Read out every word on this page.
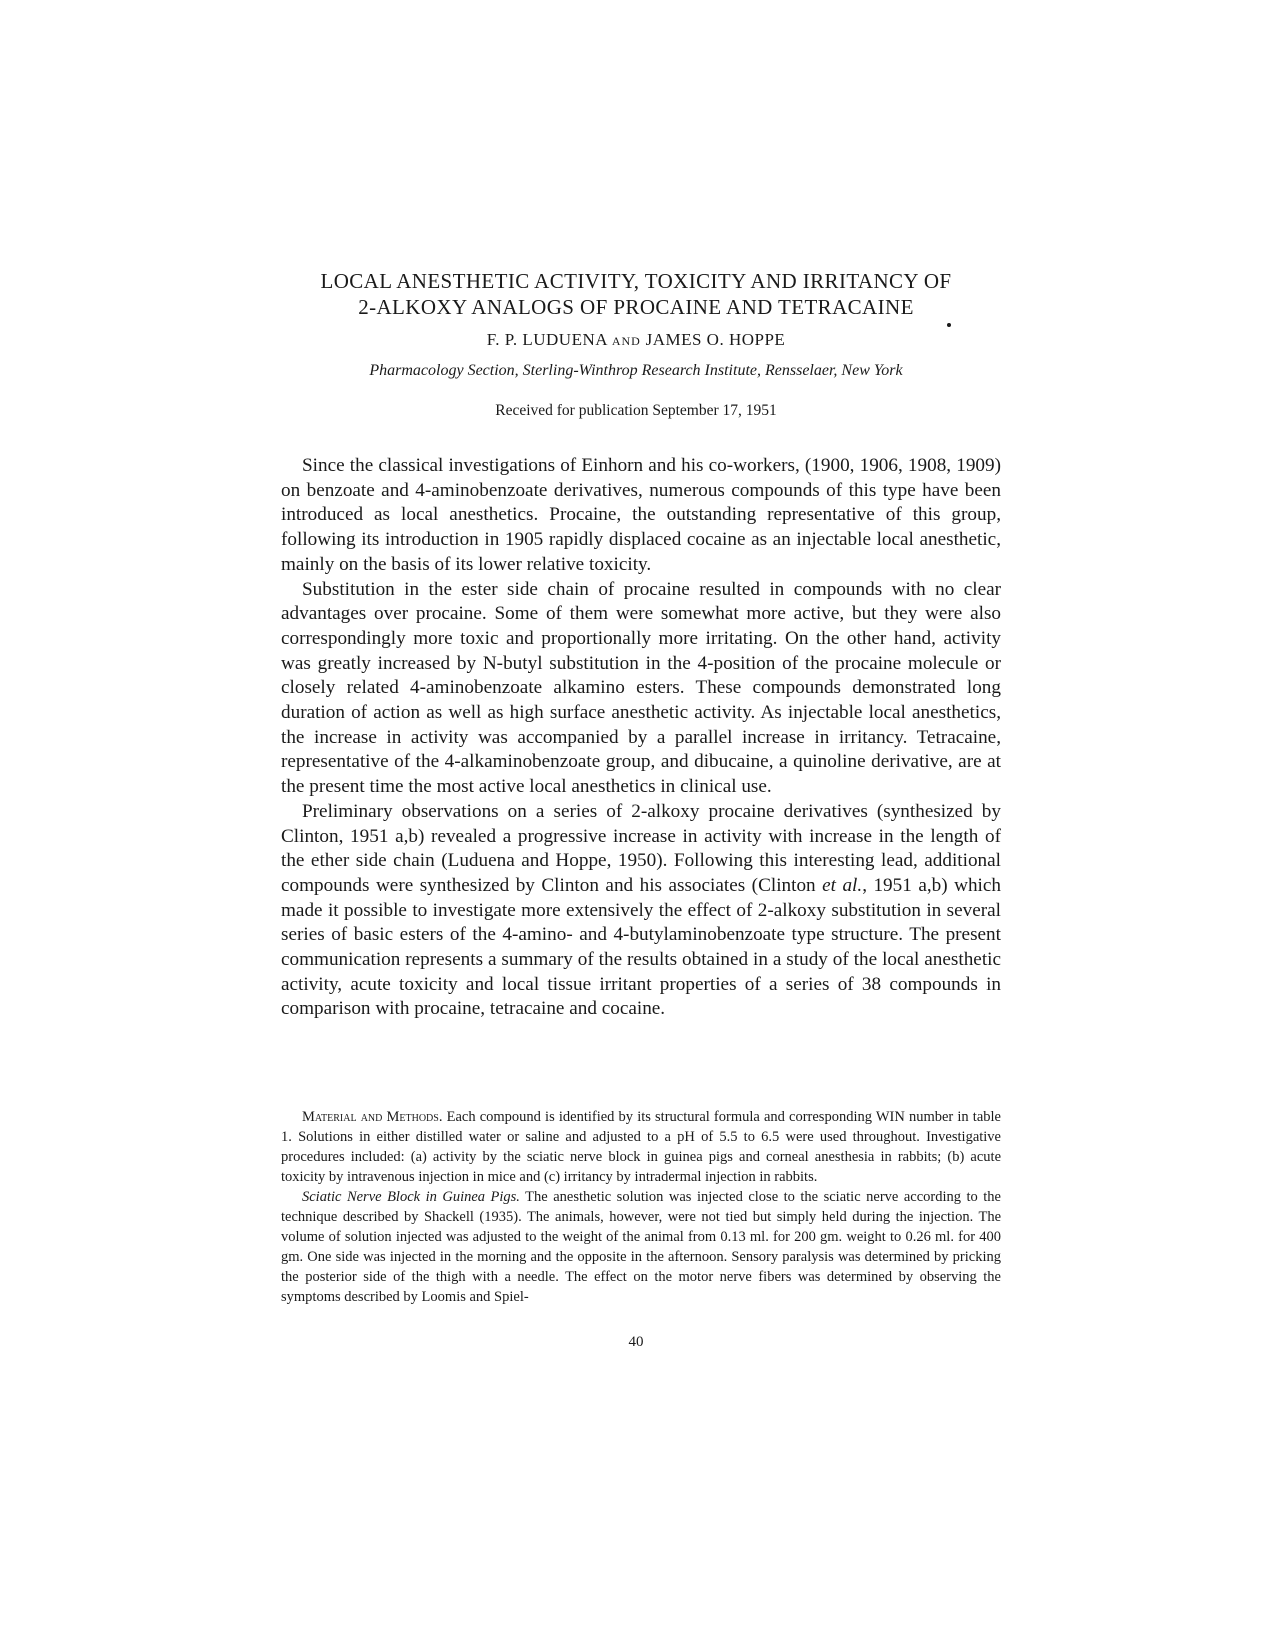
LOCAL ANESTHETIC ACTIVITY, TOXICITY AND IRRITANCY OF
2-ALKOXY ANALOGS OF PROCAINE AND TETRACAINE
F. P. LUDUENA AND JAMES O. HOPPE
Pharmacology Section, Sterling-Winthrop Research Institute, Rensselaer, New York
Received for publication September 17, 1951

Since the classical investigations of Einhorn and his co-workers, (1900, 1906, 1908, 1909) on benzoate and 4-aminobenzoate derivatives, numerous compounds of this type have been introduced as local anesthetics. Procaine, the outstanding representative of this group, following its introduction in 1905 rapidly displaced cocaine as an injectable local anesthetic, mainly on the basis of its lower relative toxicity.

Substitution in the ester side chain of procaine resulted in compounds with no clear advantages over procaine. Some of them were somewhat more active, but they were also correspondingly more toxic and proportionally more irritating. On the other hand, activity was greatly increased by N-butyl substitution in the 4-position of the procaine molecule or closely related 4-aminobenzoate alkamino esters. These compounds demonstrated long duration of action as well as high surface anesthetic activity. As injectable local anesthetics, the increase in activity was accompanied by a parallel increase in irritancy. Tetracaine, representative of the 4-alkaminobenzoate group, and dibucaine, a quinoline derivative, are at the present time the most active local anesthetics in clinical use.

Preliminary observations on a series of 2-alkoxy procaine derivatives (synthesized by Clinton, 1951 a,b) revealed a progressive increase in activity with increase in the length of the ether side chain (Luduena and Hoppe, 1950). Following this interesting lead, additional compounds were synthesized by Clinton and his associates (Clinton et al., 1951 a,b) which made it possible to investigate more extensively the effect of 2-alkoxy substitution in several series of basic esters of the 4-amino- and 4-butylaminobenzoate type structure. The present communication represents a summary of the results obtained in a study of the local anesthetic activity, acute toxicity and local tissue irritant properties of a series of 38 compounds in comparison with procaine, tetracaine and cocaine.

Material and Methods. Each compound is identified by its structural formula and corresponding WIN number in table 1. Solutions in either distilled water or saline and adjusted to a pH of 5.5 to 6.5 were used throughout. Investigative procedures included: (a) activity by the sciatic nerve block in guinea pigs and corneal anesthesia in rabbits; (b) acute toxicity by intravenous injection in mice and (c) irritancy by intradermal injection in rabbits.

Sciatic Nerve Block in Guinea Pigs. The anesthetic solution was injected close to the sciatic nerve according to the technique described by Shackell (1935). The animals, however, were not tied but simply held during the injection. The volume of solution injected was adjusted to the weight of the animal from 0.13 ml. for 200 gm. weight to 0.26 ml. for 400 gm. One side was injected in the morning and the opposite in the afternoon. Sensory paralysis was determined by pricking the posterior side of the thigh with a needle. The effect on the motor nerve fibers was determined by observing the symptoms described by Loomis and Spiel-

40
